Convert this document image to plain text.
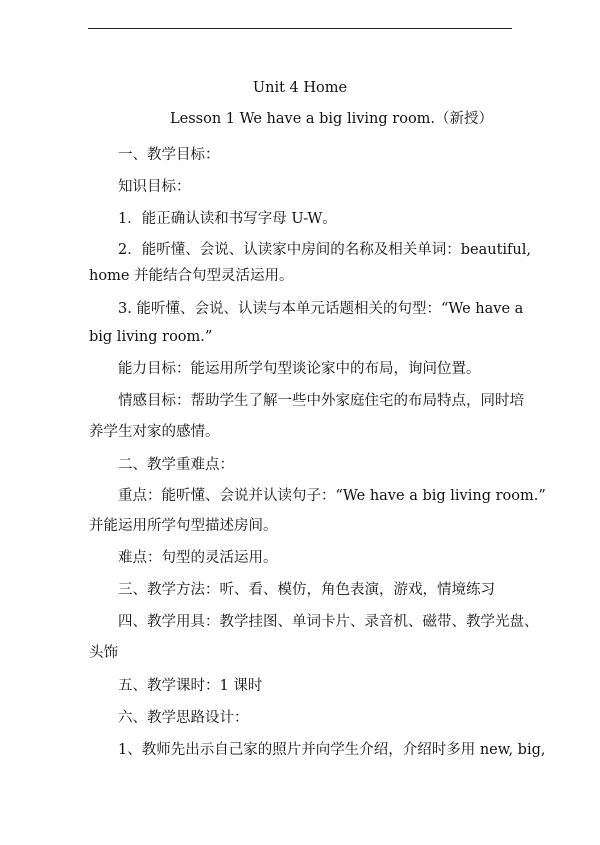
Unit 4 Home
Lesson 1 We have a big living room.（新授）
一、教学目标：
知识目标：
1．能正确认读和书写字母 U-W。
2．能听懂、会说、认读家中房间的名称及相关单词：beautiful,
home 并能结合句型灵活运用。
3. 能听懂、会说、认读与本单元话题相关的句型：“We have a
big living room.”
能力目标：能运用所学句型谈论家中的布局，询问位置。
情感目标：帮助学生了解一些中外家庭住宅的布局特点，同时培
养学生对家的感情。
二、教学重难点：
重点：能听懂、会说并认读句子：“We have a big living room.”
并能运用所学句型描述房间。
难点：句型的灵活运用。
三、教学方法：听、看、模仿，角色表演，游戏，情境练习
四、教学用具：教学挂图、单词卡片、录音机、磁带、教学光盘、
头饰
五、教学课时：1 课时
六、教学思路设计：
1、教师先出示自己家的照片并向学生介绍，介绍时多用 new, big,
